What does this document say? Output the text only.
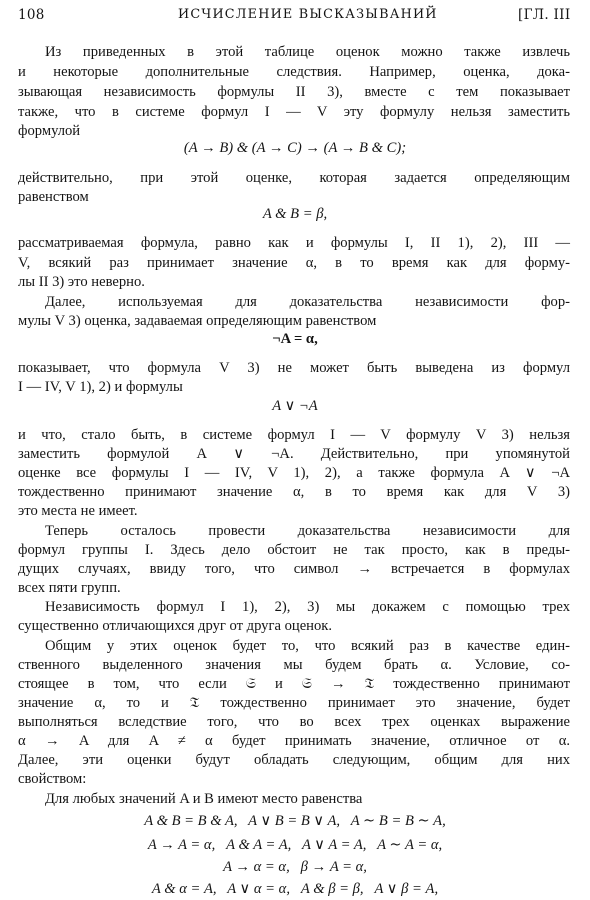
108	ИСЧИСЛЕНИЕ ВЫСКАЗЫВАНИЙ	[ГЛ. III
Из приведенных в этой таблице оценок можно также извлечь
и некоторые дополнительные следствия. Например, оценка, дока-
зывающая независимость формулы II 3), вместе с тем показывает
также, что в системе формул I — V эту формулу нельзя заместить
формулой
(A → B) & (A → C) → (A → B & C);
действительно, при этой оценке, которая задается определяющим
равенством
A & B = β,
рассматриваемая формула, равно как и формулы I, II 1), 2), III —
V, всякий раз принимает значение α, в то время как для форму-
лы II 3) это неверно.
Далее, используемая для доказательства независимости фор-
мулы V 3) оценка, задаваемая определяющим равенством
¬A = α,
показывает, что формула V 3) не может быть выведена из формул
I — IV, V 1), 2) и формулы
A ∨ ¬A
и что, стало быть, в системе формул I — V формулу V 3) нельзя
заместить формулой A ∨ ¬A. Действительно, при упомянутой
оценке все формулы I — IV, V 1), 2), а также формула A ∨ ¬A
тождественно принимают значение α, в то время как для V 3)
это места не имеет.
Теперь осталось провести доказательства независимости для
формул группы I. Здесь дело обстоит не так просто, как в преды-
дущих случаях, ввиду того, что символ → встречается в формулах
всех пяти групп.
Независимость формул I 1), 2), 3) мы докажем с помощью трех
существенно отличающихся друг от друга оценок.
Общим у этих оценок будет то, что всякий раз в качестве един-
ственного выделенного значения мы будем брать α. Условие, со-
стоящее в том, что если 𝔖 и 𝔖 → 𝔗 тождественно принимают
значение α, то и 𝔗 тождественно принимает это значение, будет
выполняться вследствие того, что во всех трех оценках выражение
α → A для A ≠ α будет принимать значение, отличное от α.
Далее, эти оценки будут обладать следующим, общим для них
свойством:
Для любых значений A и B имеют место равенства
A & B = B & A,   A ∨ B = B ∨ A,   A ∼ B = B ∼ A,
A → A = α,   A & A = A,   A ∨ A = A,   A ∼ A = α,
A → α = α,   β → A = α,
A & α = A,   A ∨ α = α,   A & β = β,   A ∨ β = A,
